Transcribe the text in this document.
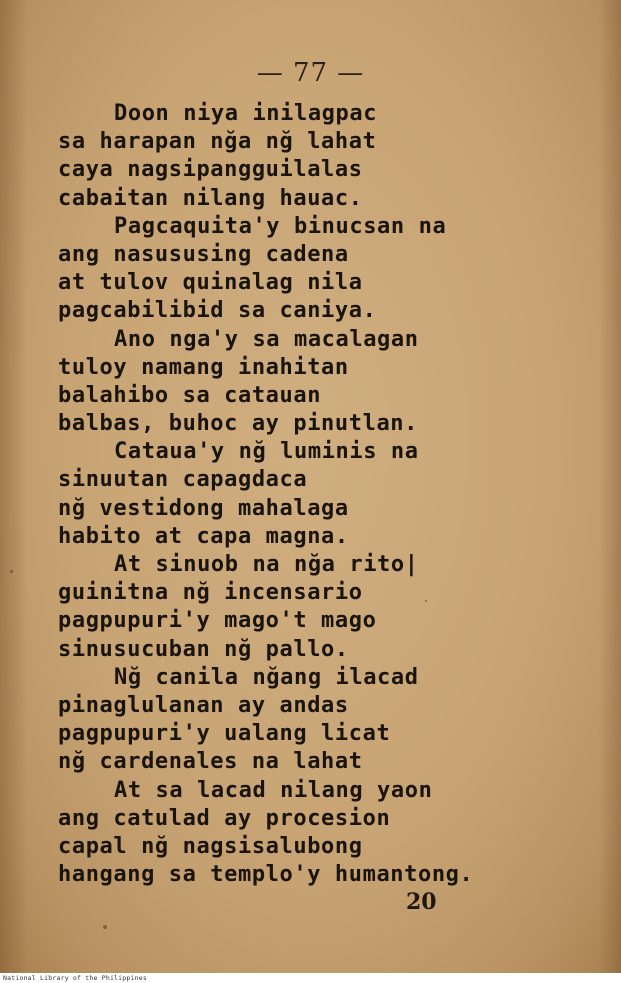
— 77 —
Doon niya inilagpac
sa harapan nğa nğ lahat
caya nagsipangguilalas
cabaitan nilang hauac.
Pagcaquita'y binucsan na
ang nasususing cadena
at tulov quinalag nila
pagcabilibid sa caniya.
Ano nga'y sa macalagan
tuloy namang inahitan
balahibo sa catauan
balbas, buhoc ay pinutlan.
Cataua'y nğ luminis na
sinuutan capagdaca
nğ vestidong mahalaga
habito at capa magna.
At sinuob na nğa rito|
guinitna nğ incensario
pagpupuri'y mago't mago
sinusucuban nğ pallo.
Nğ canila nğang ilacad
pinaglulanan ay andas
pagpupuri'y ualang licat
nğ cardenales na lahat
At sa lacad nilang yaon
ang catulad ay procesion
capal nğ nagsisalubong
hangang sa templo'y humantong.
20
National Library of the Philippines
